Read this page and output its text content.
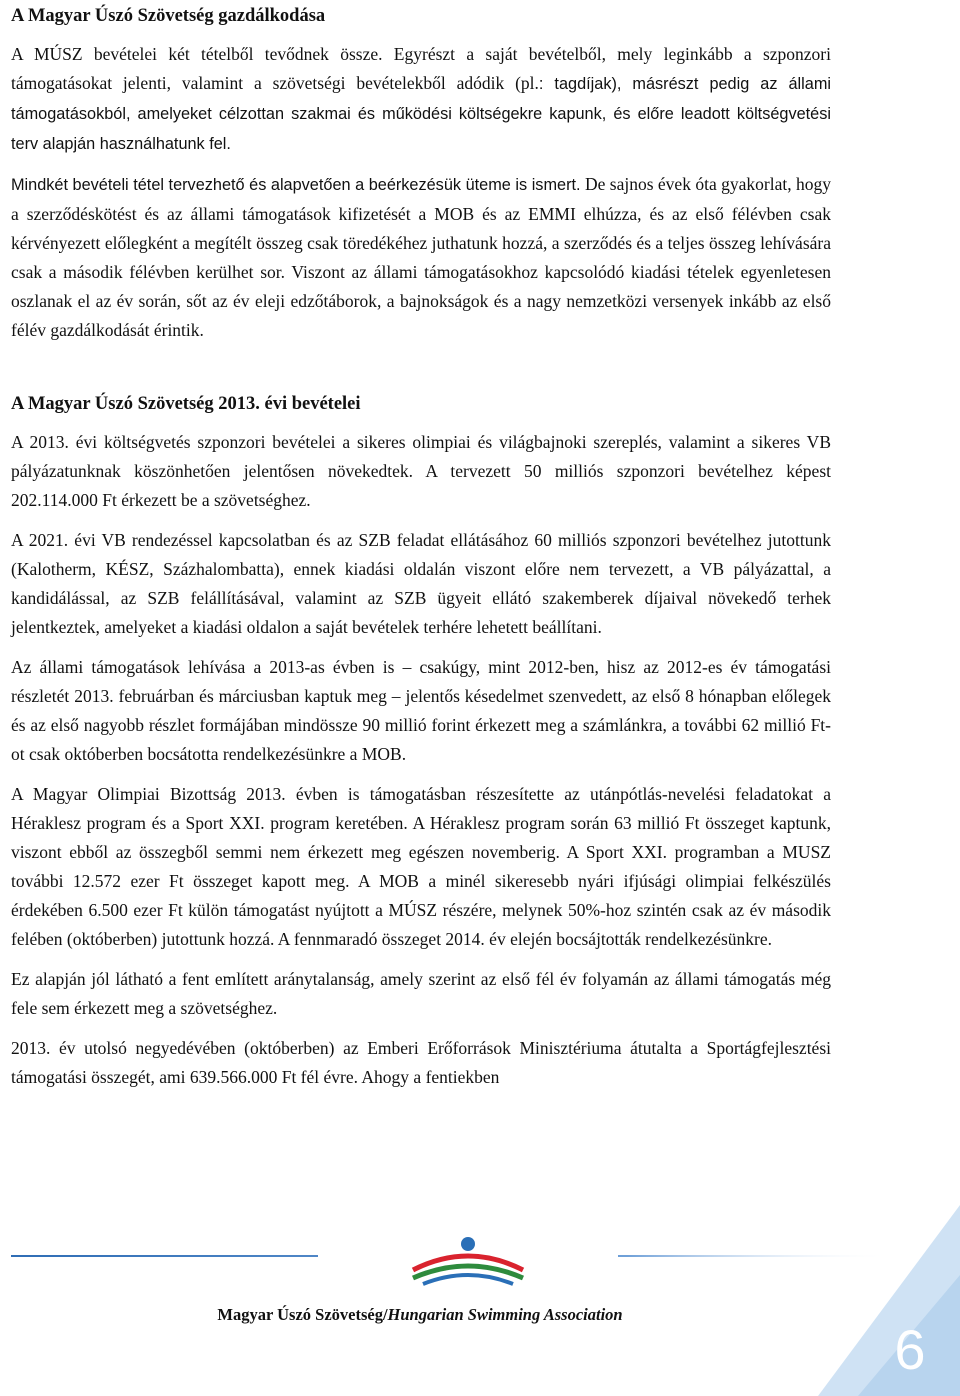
A Magyar Úszó Szövetség gazdálkodása

A MÚSZ bevételei két tételből tevődnek össze. Egyrészt a saját bevételből, mely leginkább a szponzori támogatásokat jelenti, valamint a szövetségi bevételekből adódik (pl.: tagdíjak), másrészt pedig az állami támogatásokból, amelyeket célzottan szakmai és működési költségekre kapunk, és előre leadott költségvetési terv alapján használhatunk fel.

Mindkét bevételi tétel tervezhető és alapvetően a beérkezésük üteme is ismert. De sajnos évek óta gyakorlat, hogy a szerződéskötést és az állami támogatások kifizetését a MOB és az EMMI elhúzza, és az első félévben csak kérvényezett előlegként a megítélt összeg csak töredékéhez juthatunk hozzá, a szerződés és a teljes összeg lehívására csak a második félévben kerülhet sor. Viszont az állami támogatásokhoz kapcsolódó kiadási tételek egyenletesen oszlanak el az év során, sőt az év eleji edzőtáborok, a bajnokságok és a nagy nemzetközi versenyek inkább az első félév gazdálkodását érintik.

A Magyar Úszó Szövetség 2013. évi bevételei

A 2013. évi költségvetés szponzori bevételei a sikeres olimpiai és világbajnoki szereplés, valamint a sikeres VB pályázatunknak köszönhetően jelentősen növekedtek. A tervezett 50 milliós szponzori bevételhez képest 202.114.000 Ft érkezett be a szövetséghez.

A 2021. évi VB rendezéssel kapcsolatban és az SZB feladat ellátásához 60 milliós szponzori bevételhez jutottunk (Kalotherm, KÉSZ, Százhalombatta), ennek kiadási oldalán viszont előre nem tervezett, a VB pályázattal, a kandidálással, az SZB felállításával, valamint az SZB ügyeit ellátó szakemberek díjaival növekedő terhek jelentkeztek, amelyeket a kiadási oldalon a saját bevételek terhére lehetett beállítani.

Az állami támogatások lehívása a 2013-as évben is – csakúgy, mint 2012-ben, hisz az 2012-es év támogatási részletét 2013. februárban és márciusban kaptuk meg – jelentős késedelmet szenvedett, az első 8 hónapban előlegek és az első nagyobb részlet formájában mindössze 90 millió forint érkezett meg a számlánkra, a további 62 millió Ft-ot csak októberben bocsátotta rendelkezésünkre a MOB.

A Magyar Olimpiai Bizottság 2013. évben is támogatásban részesítette az utánpótlás-nevelési feladatokat a Héraklesz program és a Sport XXI. program keretében. A Héraklesz program során 63 millió Ft összeget kaptunk, viszont ebből az összegből semmi nem érkezett meg egészen novemberig. A Sport XXI. programban a MUSZ további 12.572 ezer Ft összeget kapott meg. A MOB a minél sikeresebb nyári ifjúsági olimpiai felkészülés érdekében 6.500 ezer Ft külön támogatást nyújtott a MÚSZ részére, melynek 50%-hoz szintén csak az év második felében (októberben) jutottunk hozzá. A fennmaradó összeget 2014. év elején bocsájtották rendelkezésünkre.

Ez alapján jól látható a fent említett aránytalanság, amely szerint az első fél év folyamán az állami támogatás még fele sem érkezett meg a szövetséghez.

2013. év utolsó negyedévében (októberben) az Emberi Erőforrások Minisztériuma átutalta a Sportágfejlesztési támogatási összegét, ami 639.566.000 Ft fél évre. Ahogy a fentiekben

Magyar Úszó Szövetség/Hungarian Swimming Association
6
